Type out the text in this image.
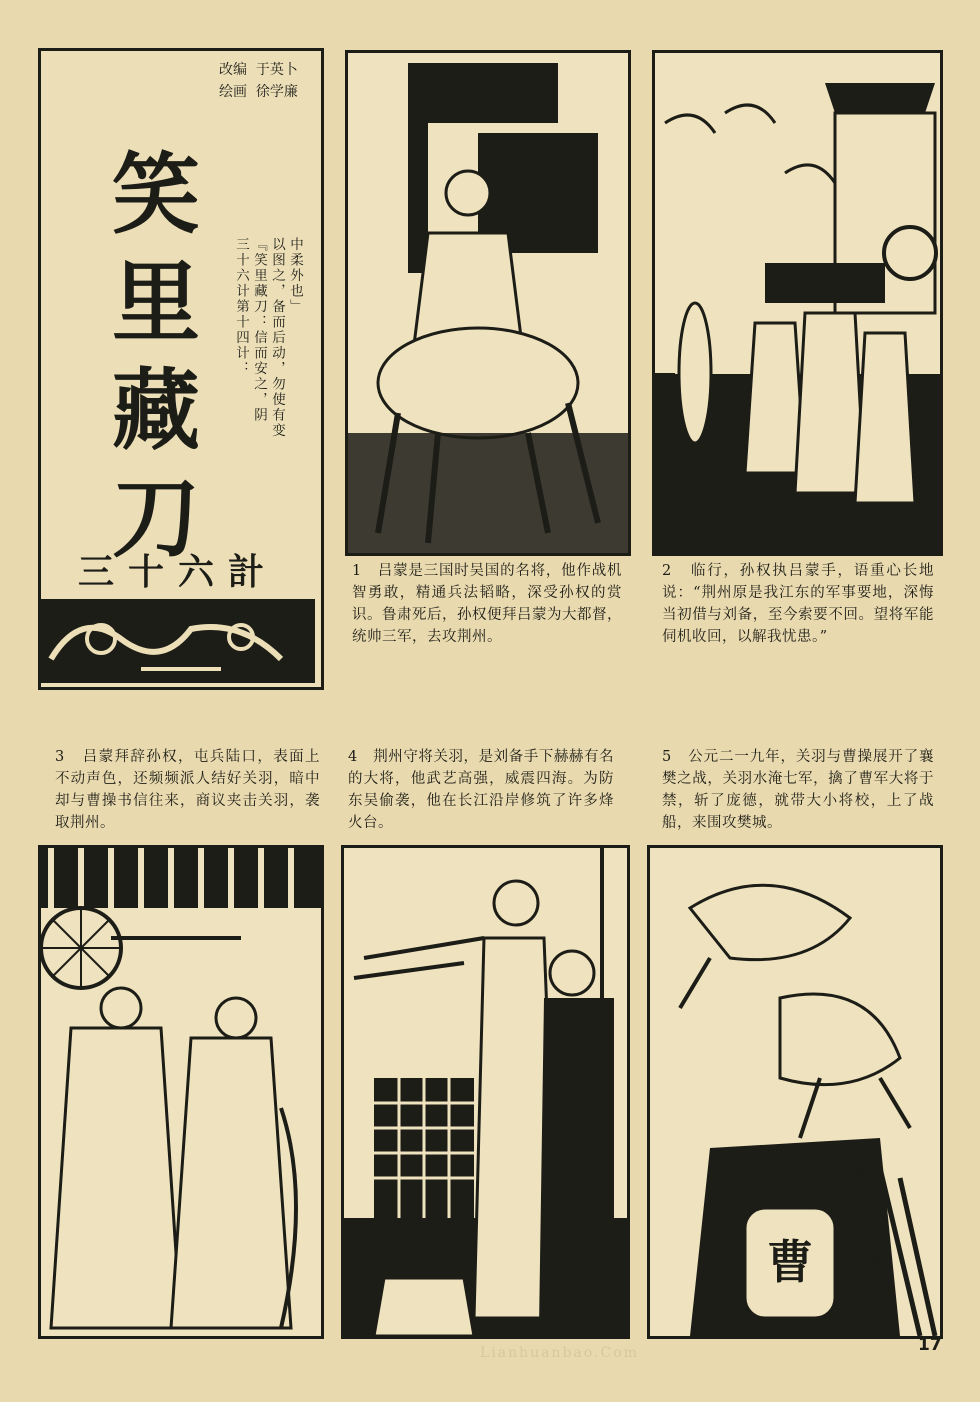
改编 于英卜
绘画 徐学廉
笑
里
藏
刀
中柔外也」
以图之，备而后动，勿使有变
『笑里藏刀：信而安之，阴
三十六计第十四计：
三十六計	1 吕蒙是三国时吴国的名将，他作战机智勇敢，精通兵法韬略，深受孙权的赏识。鲁肃死后，孙权便拜吕蒙为大都督，统帅三军，去攻荆州。
2 临行，孙权执吕蒙手，语重心长地说：“荆州原是我江东的军事要地，深悔当初借与刘备，至今索要不回。望将军能伺机收回，以解我忧患。”
3 吕蒙拜辞孙权，屯兵陆口，表面上不动声色，还频频派人结好关羽，暗中却与曹操书信往来，商议夹击关羽，袭取荆州。
4 荆州守将关羽，是刘备手下赫赫有名的大将，他武艺高强，威震四海。为防东吴偷袭，他在长江沿岸修筑了许多烽火台。
5 公元二一九年，关羽与曹操展开了襄樊之战，关羽水淹七军，擒了曹军大将于禁，斩了庞德，就带大小将校，上了战船，来围攻樊城。
曹
Lianhuanbao.Com	17
